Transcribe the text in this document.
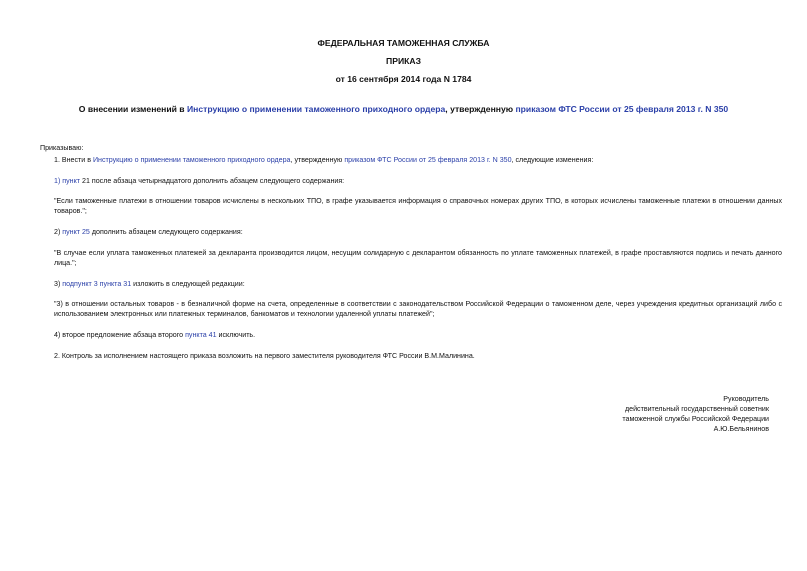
ФЕДЕРАЛЬНАЯ ТАМОЖЕННАЯ СЛУЖБА
ПРИКАЗ
от 16 сентября 2014 года N 1784
О внесении изменений в Инструкцию о применении таможенного приходного ордера, утвержденную приказом ФТС России от 25 февраля 2013 г. N 350
Приказываю:
1. Внести в Инструкцию о применении таможенного приходного ордера, утвержденную приказом ФТС России от 25 февраля 2013 г. N 350, следующие изменения:
1) пункт 21 после абзаца четырнадцатого дополнить абзацем следующего содержания:
"Если таможенные платежи в отношении товаров исчислены в нескольких ТПО, в графе указывается информация о справочных номерах других ТПО, в которых исчислены таможенные платежи в отношении данных товаров.";
2) пункт 25 дополнить абзацем следующего содержания:
"В случае если уплата таможенных платежей за декларанта производится лицом, несущим солидарную с декларантом обязанность по уплате таможенных платежей, в графе проставляются подпись и печать данного лица.";
3) подпункт 3 пункта 31 изложить в следующей редакции:
"3) в отношении остальных товаров - в безналичной форме на счета, определенные в соответствии с законодательством Российской Федерации о таможенном деле, через учреждения кредитных организаций либо с использованием электронных или платежных терминалов, банкоматов и технологии удаленной уплаты платежей";
4) второе предложение абзаца второго пункта 41 исключить.
2. Контроль за исполнением настоящего приказа возложить на первого заместителя руководителя ФТС России В.М.Малинина.
Руководитель
действительный государственный советник
таможенной службы Российской Федерации
А.Ю.Бельянинов
